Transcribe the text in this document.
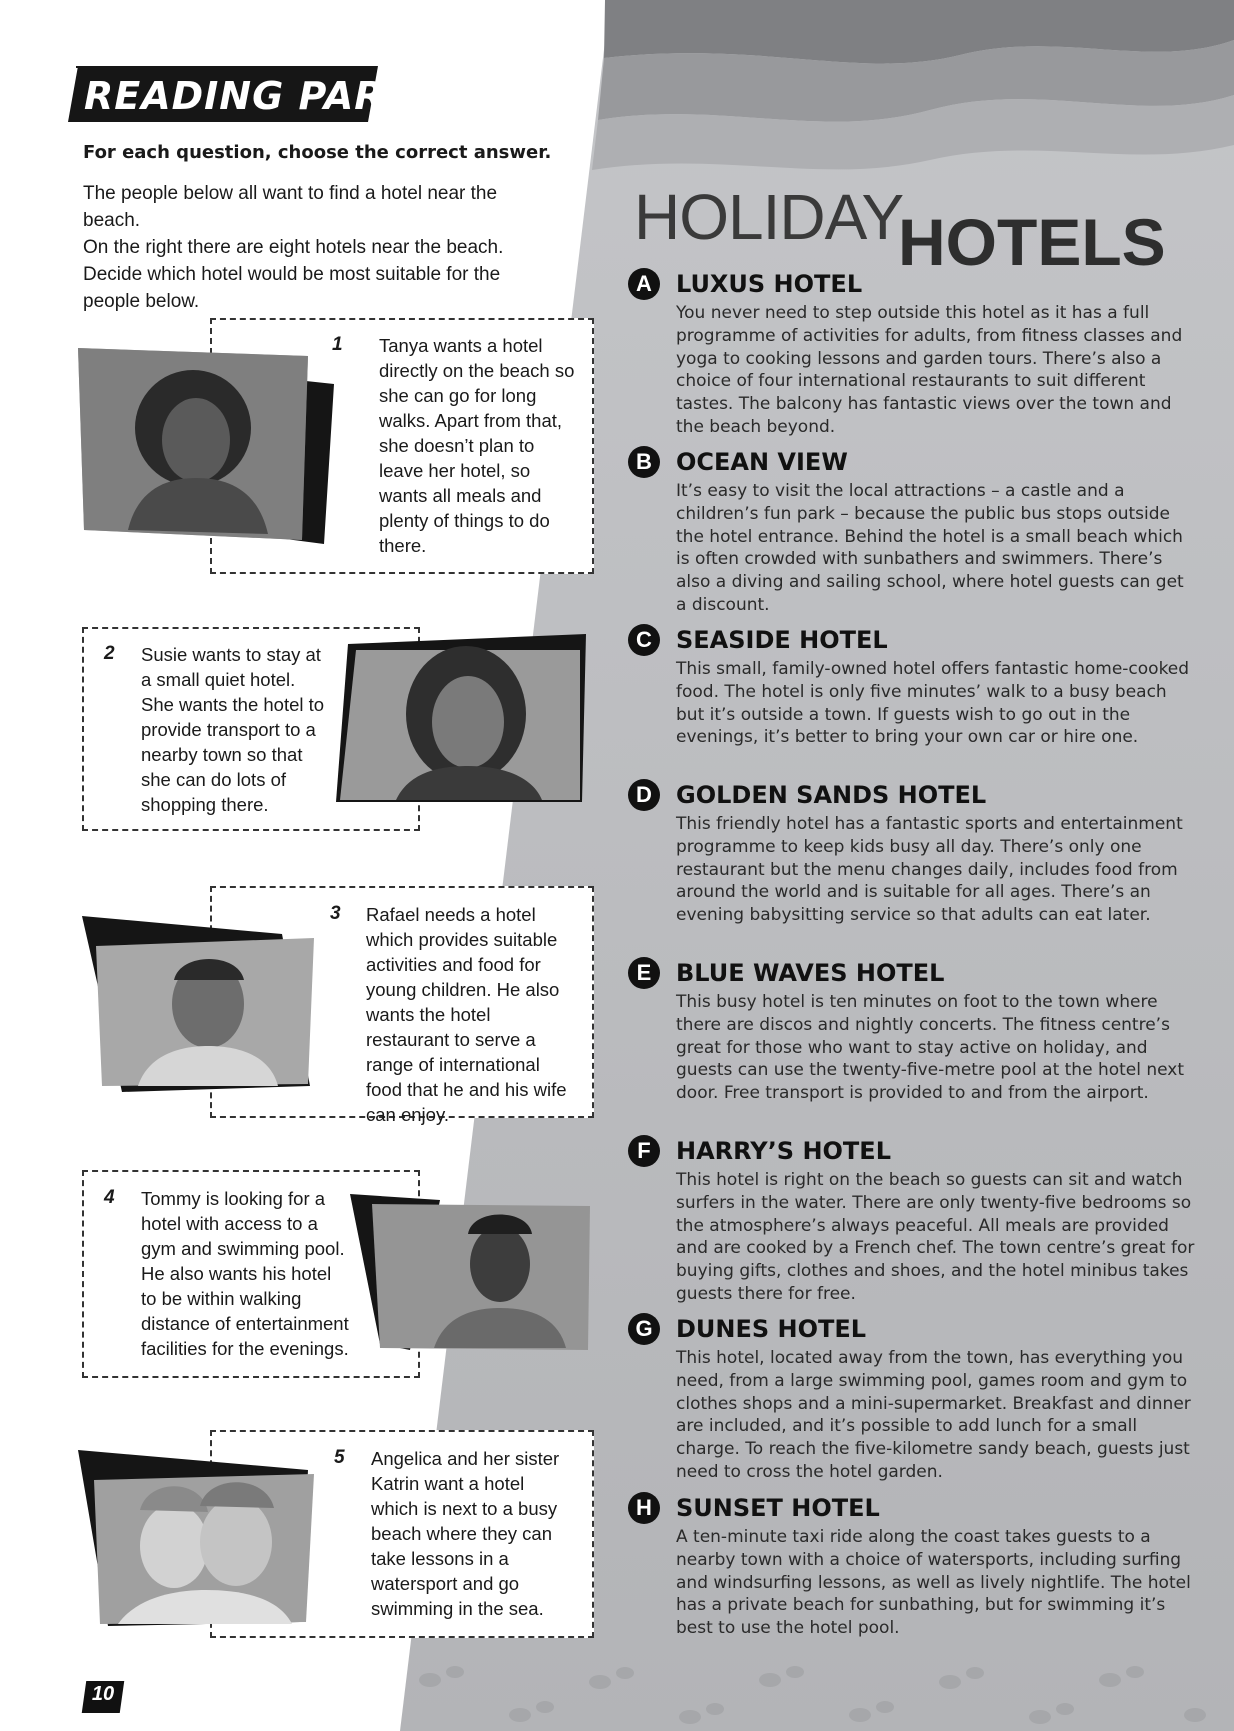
READING PART 2
For each question, choose the correct answer.

The people below all want to find a hotel near the beach.

On the right there are eight hotels near the beach.

Decide which hotel would be most suitable for the people below.

1 Tanya wants a hotel directly on the beach so she can go for long walks. Apart from that, she doesn’t plan to leave her hotel, so wants all meals and plenty of things to do there.
2 Susie wants to stay at a small quiet hotel. She wants the hotel to provide transport to a nearby town so that she can do lots of shopping there.
3 Rafael needs a hotel which provides suitable activities and food for young children. He also wants the hotel restaurant to serve a range of international food that he and his wife can enjoy.
4 Tommy is looking for a hotel with access to a gym and swimming pool. He also wants his hotel to be within walking distance of entertainment facilities for the evenings.
5 Angelica and her sister Katrin want a hotel which is next to a busy beach where they can take lessons in a watersport and go swimming in the sea.
HOLIDAY
HOTELS
A	LUXUS HOTEL
You never need to step outside this hotel as it has a full programme of activities for adults, from fitness classes and yoga to cooking lessons and garden tours. There’s also a choice of four international restaurants to suit different tastes. The balcony has fantastic views over the town and the beach beyond.
B	OCEAN VIEW
It’s easy to visit the local attractions – a castle and a children’s fun park – because the public bus stops outside the hotel entrance. Behind the hotel is a small beach which is often crowded with sunbathers and swimmers. There’s also a diving and sailing school, where hotel guests can get a discount.
C	SEASIDE HOTEL
This small, family-owned hotel offers fantastic home-cooked food. The hotel is only five minutes’ walk to a busy beach but it’s outside a town. If guests wish to go out in the evenings, it’s better to bring your own car or hire one.
D	GOLDEN SANDS HOTEL
This friendly hotel has a fantastic sports and entertainment programme to keep kids busy all day. There’s only one restaurant but the menu changes daily, includes food from around the world and is suitable for all ages. There’s an evening babysitting service so that adults can eat later.
E	BLUE WAVES HOTEL
This busy hotel is ten minutes on foot to the town where there are discos and nightly concerts. The fitness centre’s great for those who want to stay active on holiday, and guests can use the twenty-five-metre pool at the hotel next door. Free transport is provided to and from the airport.
F	HARRY’S HOTEL
This hotel is right on the beach so guests can sit and watch surfers in the water. There are only twenty-five bedrooms so the atmosphere’s always peaceful. All meals are provided and are cooked by a French chef. The town centre’s great for buying gifts, clothes and shoes, and the hotel minibus takes guests there for free.
G DUNES HOTEL
This hotel, located away from the town, has everything you need, from a large swimming pool, games room and gym to clothes shops and a mini-supermarket. Breakfast and dinner are included, and it’s possible to add lunch for a small charge. To reach the five-kilometre sandy beach, guests just need to cross the hotel garden.
H	SUNSET HOTEL
A ten-minute taxi ride along the coast takes guests to a nearby town with a choice of watersports, including surfing and windsurfing lessons, as well as lively nightlife. The hotel has a private beach for sunbathing, but for swimming it’s best to use the hotel pool.
10
